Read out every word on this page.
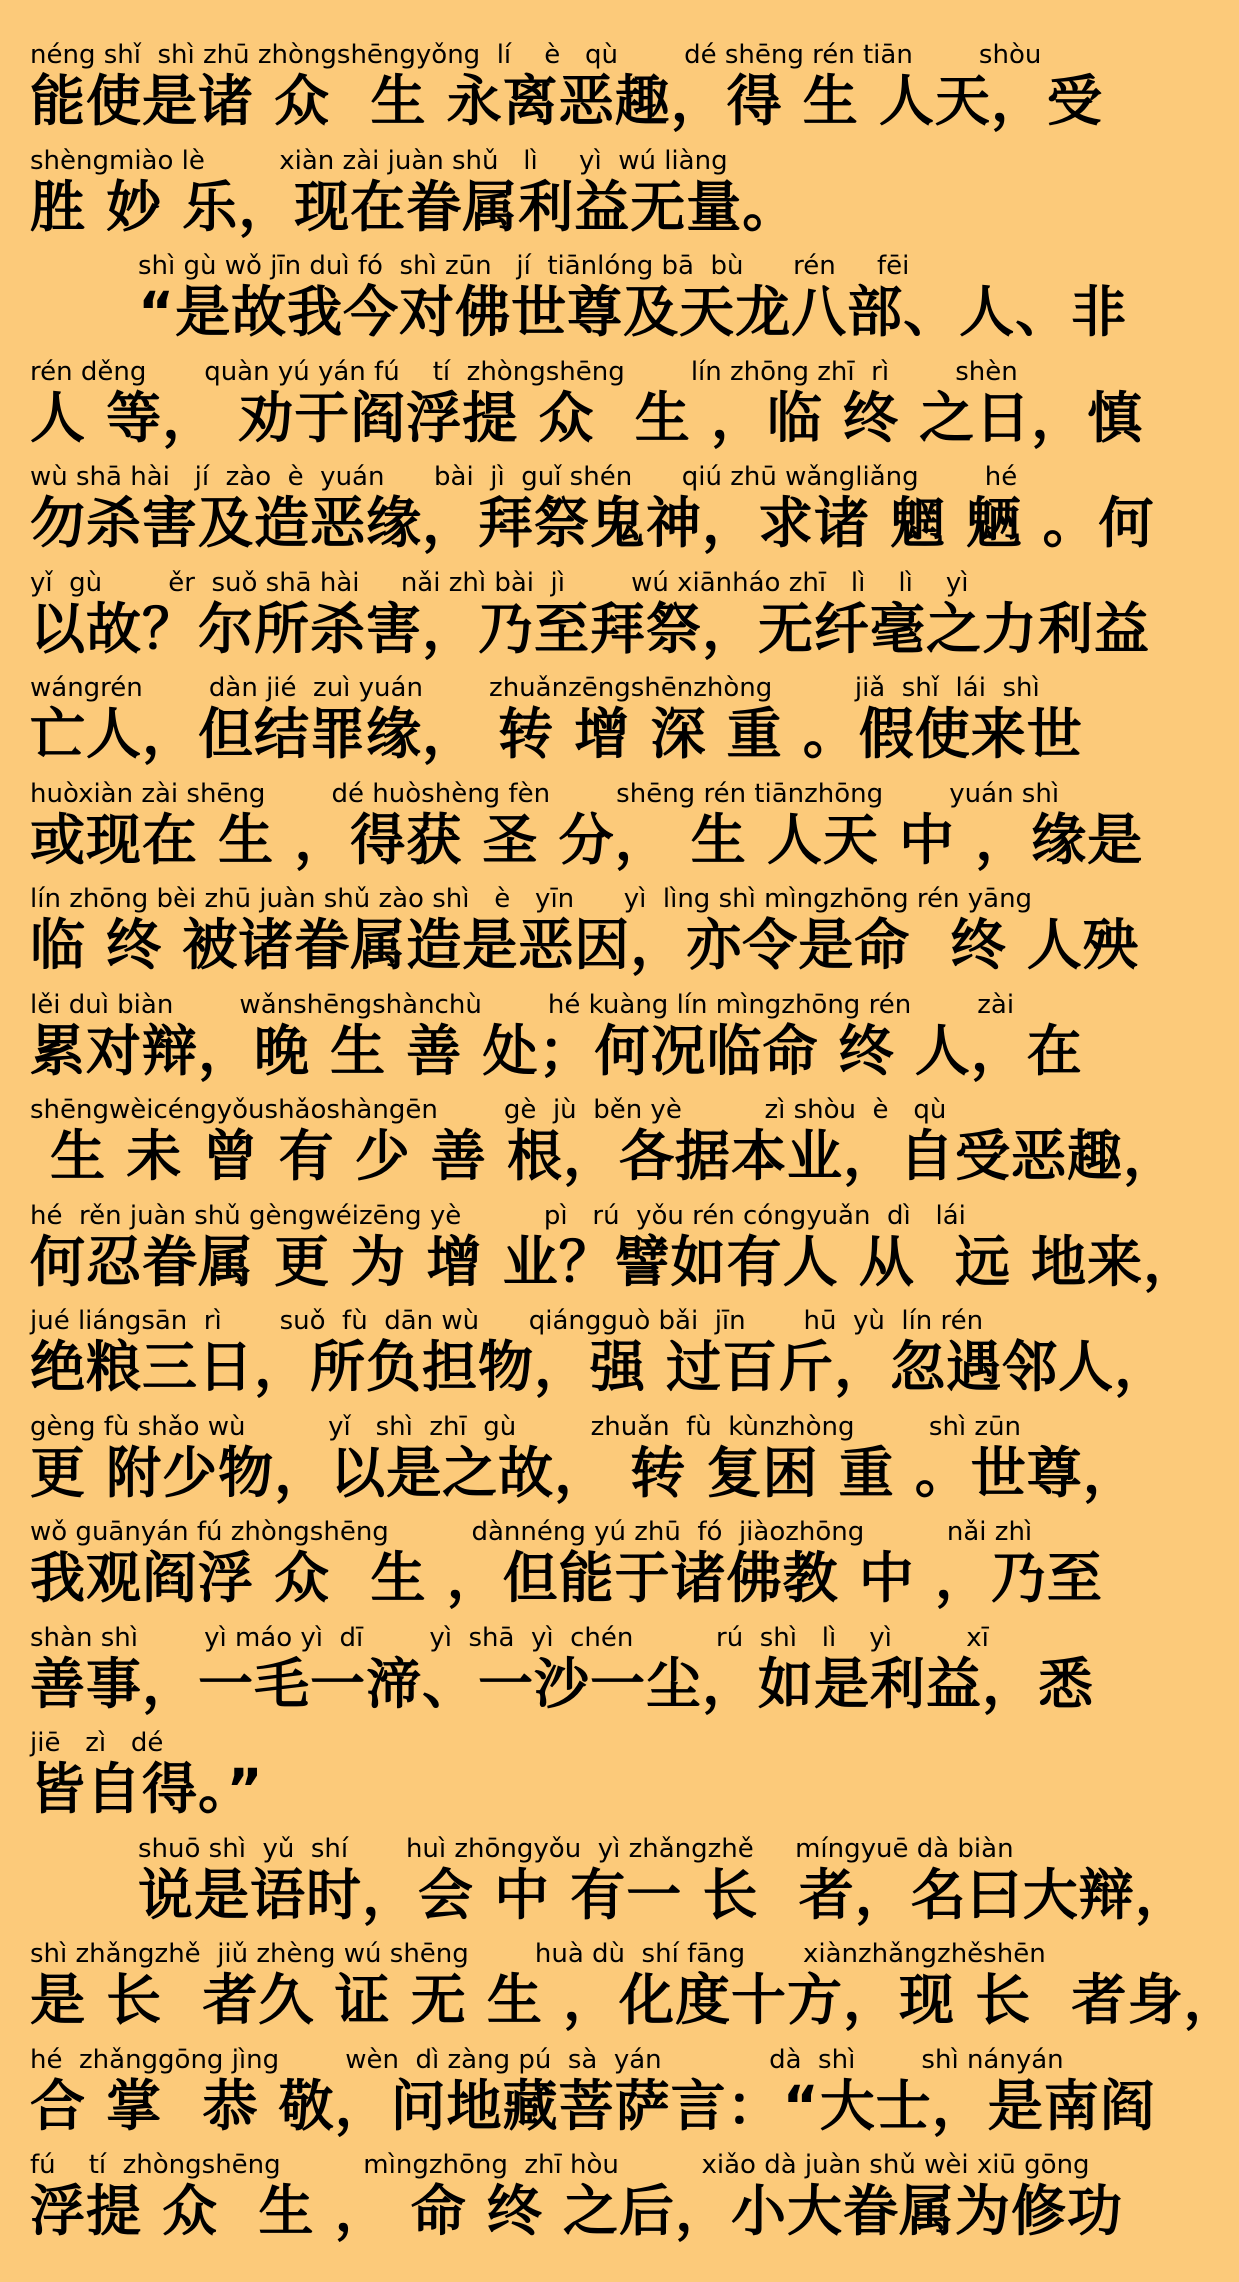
néng shǐ  shì zhū zhòngshēngyǒng  lí    è   qù        dé shēng rén tiān        shòu
能使是诸 众  生 永离恶趣，得 生 人天，受
shèngmiào lè         xiàn zài juàn shǔ   lì     yì  wú liàng
胜 妙 乐，现在眷属利益无量。
shì gù wǒ jīn duì fó  shì zūn   jí  tiānlóng bā  bù      rén     fēi
“是故我今对佛世尊及天龙八部、人、非
rén děng       quàn yú yán fú    tí  zhòngshēng        lín zhōng zhī  rì        shèn
人 等， 劝于阎浮提 众  生 ，临 终 之日，慎
wù shā hài   jí  zào  è  yuán      bài  jì  guǐ shén      qiú zhū wǎngliǎng        hé
勿杀害及造恶缘，拜祭鬼神，求诸 魍 魉 。何
yǐ  gù        ěr  suǒ shā hài     nǎi zhì bài  jì        wú xiānháo zhī   lì    lì    yì
以故？尔所杀害，乃至拜祭，无纤毫之力利益
wángrén        dàn jié  zuì yuán        zhuǎnzēngshēnzhòng          jiǎ  shǐ  lái  shì
亡人，但结罪缘， 转 增 深 重 。假使来世
huòxiàn zài shēng        dé huòshèng fèn        shēng rén tiānzhōng        yuán shì
或现在 生 ，得获 圣 分， 生 人天 中 ，缘是
lín zhōng bèi zhū juàn shǔ zào shì   è   yīn      yì  lìng shì mìngzhōng rén yāng
临 终 被诸眷属造是恶因，亦令是命  终 人殃
lěi duì biàn        wǎnshēngshànchù        hé kuàng lín mìngzhōng rén        zài
累对辩，晚 生 善 处；何况临命 终 人，在
shēngwèicéngyǒushǎoshàngēn        gè  jù  běn yè          zì shòu  è   qù
生 未 曾 有 少 善 根，各据本业，自受恶趣，
hé  rěn juàn shǔ gèngwéizēng yè          pì   rú  yǒu rén cóngyuǎn  dì   lái
何忍眷属 更 为 增 业？譬如有人 从  远 地来，
jué liángsān  rì       suǒ  fù  dān wù      qiángguò bǎi  jīn       hū  yù  lín rén
绝粮三日，所负担物，强 过百斤，忽遇邻人，
gèng fù shǎo wù          yǐ   shì  zhī  gù         zhuǎn  fù  kùnzhòng         shì zūn
更 附少物，以是之故， 转 复困 重 。世尊，
wǒ guānyán fú zhòngshēng          dànnéng yú zhū  fó  jiàozhōng          nǎi zhì
我观阎浮 众  生 ，但能于诸佛教 中 ，乃至
shàn shì        yì máo yì  dī        yì  shā  yì  chén          rú  shì   lì    yì         xī
善事，一毛一渧、一沙一尘，如是利益，悉
jiē   zì   dé
皆自得。”
shuō shì  yǔ  shí       huì zhōngyǒu  yì zhǎngzhě     míngyuē dà biàn
说是语时，会 中 有一 长  者，名曰大辩，
shì zhǎngzhě  jiǔ zhèng wú shēng        huà dù  shí fāng       xiànzhǎngzhěshēn
是 长  者久 证 无 生 ，化度十方，现 长  者身，
hé  zhǎnggōng jìng        wèn  dì zàng pú  sà  yán             dà  shì        shì nányán
合 掌  恭 敬，问地藏菩萨言：“大士，是南阎
fú    tí  zhòngshēng          mìngzhōng  zhī hòu          xiǎo dà juàn shǔ wèi xiū gōng
浮提 众  生 ， 命 终 之后，小大眷属为修功
